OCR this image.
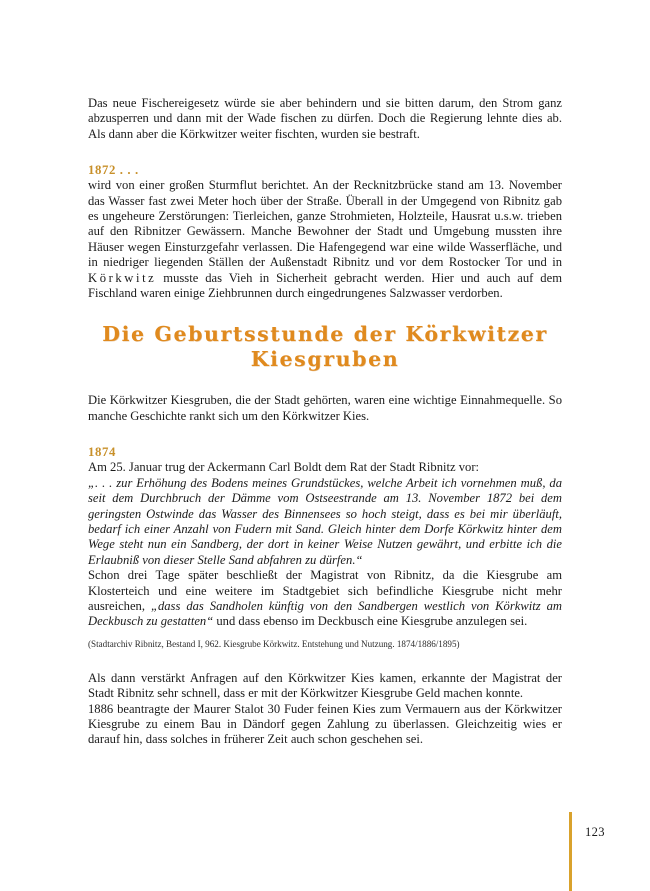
Das neue Fischereigesetz würde sie aber behindern und sie bitten darum, den Strom ganz abzusperren und dann mit der Wade fischen zu dürfen. Doch die Regierung lehnte dies ab. Als dann aber die Körkwitzer weiter fischten, wurden sie bestraft.

1872 . . .

wird von einer großen Sturmflut berichtet. An der Recknitzbrücke stand am 13. November das Wasser fast zwei Meter hoch über der Straße. Überall in der Umgegend von Ribnitz gab es ungeheure Zerstörungen: Tierleichen, ganze Strohmieten, Holzteile, Hausrat u.s.w. trieben auf den Ribnitzer Gewässern. Manche Bewohner der Stadt und Umgebung mussten ihre Häuser wegen Einsturzgefahr verlassen. Die Hafengegend war eine wilde Wasserfläche, und in niedriger liegenden Ställen der Außenstadt Ribnitz und vor dem Rostocker Tor und in Körkwitz musste das Vieh in Sicherheit gebracht werden. Hier und auch auf dem Fischland waren einige Ziehbrunnen durch eingedrungenes Salzwasser verdorben.

Die Geburtsstunde der Körkwitzer
Kiesgruben

Die Körkwitzer Kiesgruben, die der Stadt gehörten, waren eine wichtige Einnahmequelle. So manche Geschichte rankt sich um den Körkwitzer Kies.

1874

Am 25. Januar trug der Ackermann Carl Boldt dem Rat der Stadt Ribnitz vor:

„. . . zur Erhöhung des Bodens meines Grundstückes, welche Arbeit ich vornehmen muß, da seit dem Durchbruch der Dämme vom Ostseestrande am 13. November 1872 bei dem geringsten Ostwinde das Wasser des Binnensees so hoch steigt, dass es bei mir überläuft, bedarf ich einer Anzahl von Fudern mit Sand. Gleich hinter dem Dorfe Körkwitz hinter dem Wege steht nun ein Sandberg, der dort in keiner Weise Nutzen gewährt, und erbitte ich die Erlaubniß von dieser Stelle Sand abfahren zu dürfen.“

Schon drei Tage später beschließt der Magistrat von Ribnitz, da die Kiesgrube am Klosterteich und eine weitere im Stadtgebiet sich befindliche Kiesgrube nicht mehr ausreichen, „dass das Sandholen künftig von den Sandbergen westlich von Körkwitz am Deckbusch zu gestatten“ und dass ebenso im Deckbusch eine Kiesgrube anzulegen sei.

(Stadtarchiv Ribnitz, Bestand I, 962. Kiesgrube Körkwitz. Entstehung und Nutzung. 1874/1886/1895)

Als dann verstärkt Anfragen auf den Körkwitzer Kies kamen, erkannte der Magistrat der Stadt Ribnitz sehr schnell, dass er mit der Körkwitzer Kiesgrube Geld machen konnte.

1886 beantragte der Maurer Stalot 30 Fuder feinen Kies zum Vermauern aus der Körkwitzer Kiesgrube zu einem Bau in Dändorf gegen Zahlung zu überlassen. Gleichzeitig wies er darauf hin, dass solches in früherer Zeit auch schon geschehen sei.

123
